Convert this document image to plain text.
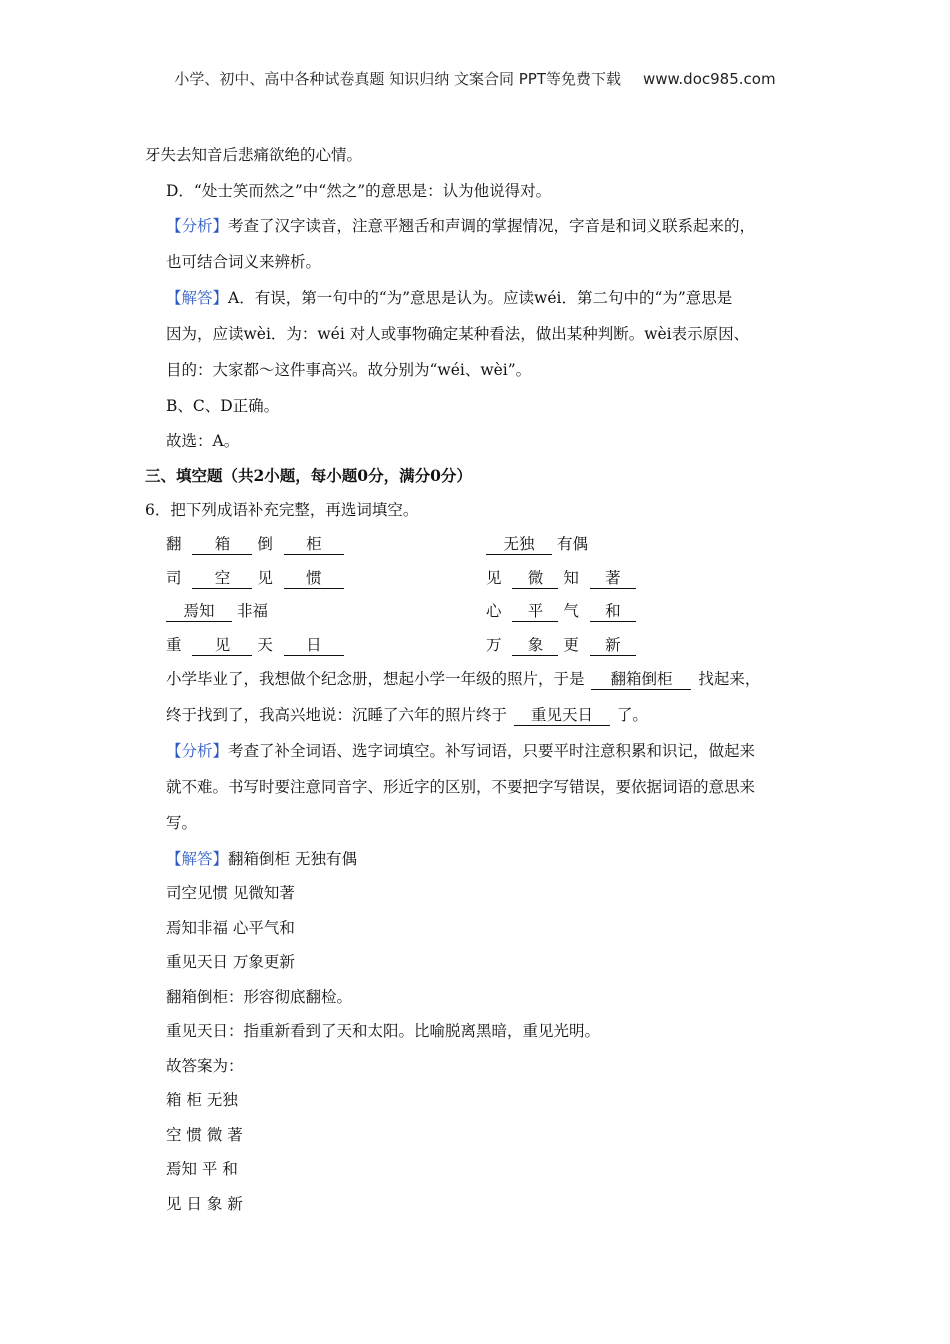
小学、初中、高中各种试卷真题 知识归纳 文案合同 PPT等免费下载 www.doc985.com
牙失去知音后悲痛欲绝的心情。
D．“处士笑而然之”中“然之”的意思是：认为他说得对。
【分析】考查了汉字读音，注意平翘舌和声调的掌握情况，字音是和词义联系起来的，
也可结合词义来辨析。
【解答】A．有误，第一句中的“为”意思是认为。应读wéi．第二句中的“为”意思是
因为，应读wèi．为：wéi 对人或事物确定某种看法，做出某种判断。wèi表示原因、
目的：大家都～这件事高兴。故分别为“wéi、wèi”。
B、C、D正确。
故选：A。
三、填空题（共2小题，每小题0分，满分0分）
6．把下列成语补充完整，再选词填空。
翻 箱 倒 柜
司 空 见 惯
焉知 非福
重 见 天 日
无独 有偶
见 微 知 著
心 平 气 和
万 象 更 新
小学毕业了，我想做个纪念册，想起小学一年级的照片，于是 翻箱倒柜 找起来，
终于找到了，我高兴地说：沉睡了六年的照片终于 重见天日 了。
【分析】考查了补全词语、选字词填空。补写词语，只要平时注意积累和识记，做起来
就不难。书写时要注意同音字、形近字的区别，不要把字写错误，要依据词语的意思来
写。
【解答】翻箱倒柜 无独有偶
司空见惯 见微知著
焉知非福 心平气和
重见天日 万象更新
翻箱倒柜：形容彻底翻检。
重见天日：指重新看到了天和太阳。比喻脱离黑暗，重见光明。
故答案为：
箱 柜 无独
空 惯 微 著
焉知 平 和
见 日 象 新
